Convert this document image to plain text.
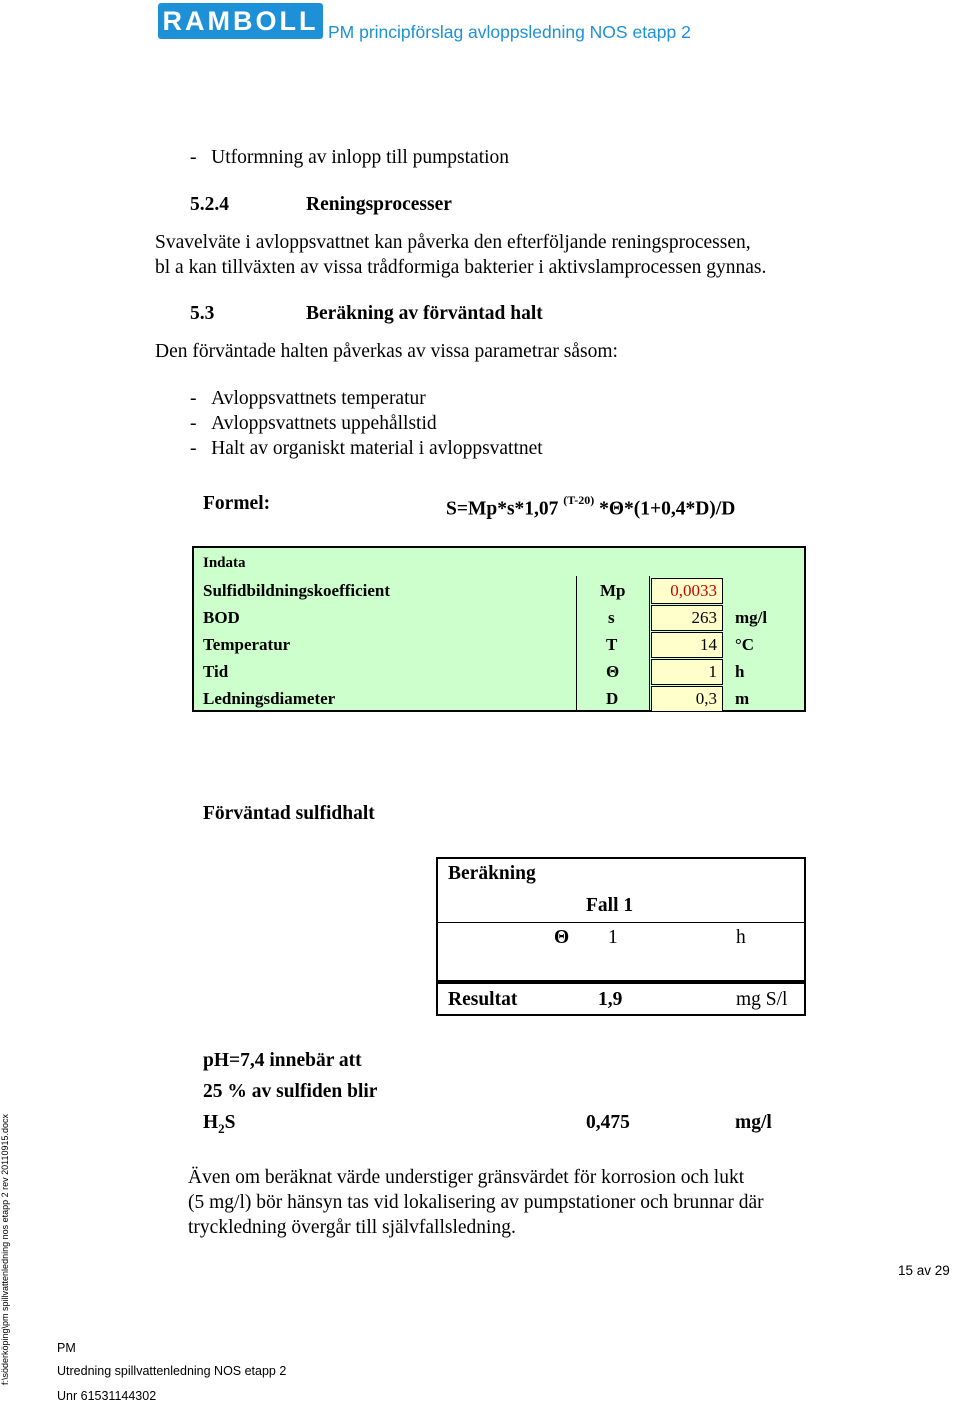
RAMBOLL PM principförslag avloppsledning NOS etapp 2
-   Utformning av inlopp till pumpstation
5.2.4	Reningsprocesser
Svavelväte i avloppsvattnet kan påverka den efterföljande reningsprocessen,
bl a kan tillväxten av vissa trådformiga bakterier i aktivslamprocessen gynnas.
5.3	Beräkning av förväntad halt
Den förväntade halten påverkas av vissa parametrar såsom:
-   Avloppsvattnets temperatur
-   Avloppsvattnets uppehållstid
-   Halt av organiskt material i avloppsvattnet
Formel:	S=Mp*s*1,07 $^{(T-20)}$ *Θ*(1+0,4*D)/D
Indata
Sulfidbildningskoefficient	Mp	0,0033
BOD	s	263	mg/l
Temperatur	T	14	°C
Tid	Θ	1	h
Ledningsdiameter	D	0,3	m
Förväntad sulfidhalt
Beräkning
Fall 1
Θ 1	h
Resultat	1,9	mg S/l
pH=7,4 innebär att
25 % av sulfiden blir
$H_2S$	0,475	mg/l
Även om beräknat värde understiger gränsvärdet för korrosion och lukt
(5 mg/l) bör hänsyn tas vid lokalisering av pumpstationer och brunnar där
tryckledning övergår till självfallsledning.
15 av 29
PM
Utredning spillvattenledning NOS etapp 2
Unr 61531144302
f:\söderköping\pm spillvattenledning nos etapp 2 rev 20110915.docx
